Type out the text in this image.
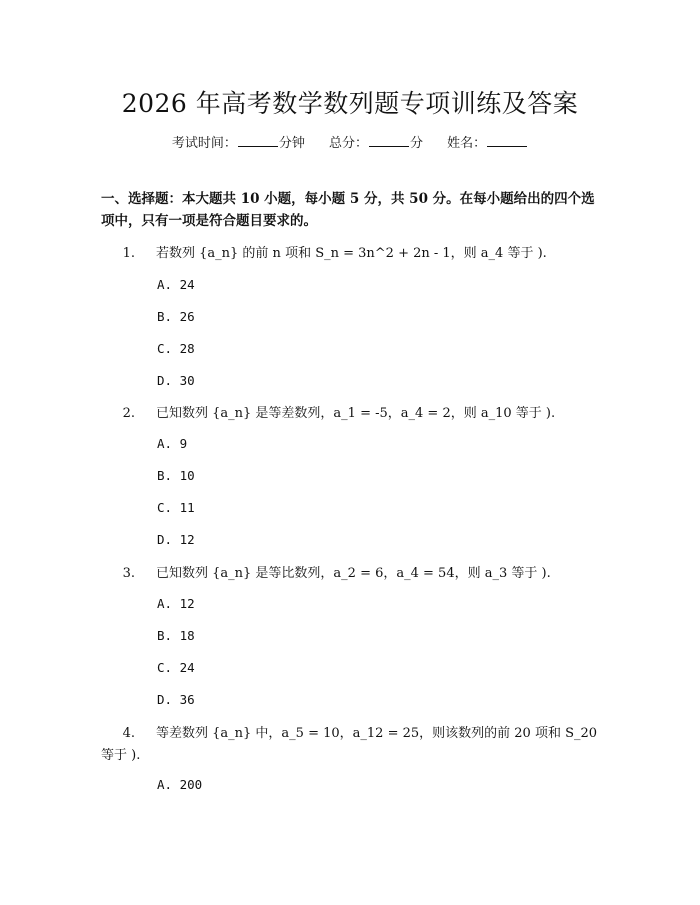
2026 年高考数学数列题专项训练及答案
考试时间：	分钟 总分：	分 姓名：
一、选择题：本大题共 10 小题，每小题 5 分，共 50 分。在每小题给出的四个选项中，只有一项是符合题目要求的。
1. 若数列 {a_n} 的前 n 项和 S_n = 3n^2 + 2n - 1，则 a_4 等于 ).
A. 24
B. 26
C. 28
D. 30
2. 已知数列 {a_n} 是等差数列，a_1 = -5，a_4 = 2，则 a_10 等于 ).
A. 9
B. 10
C. 11
D. 12
3. 已知数列 {a_n} 是等比数列，a_2 = 6，a_4 = 54，则 a_3 等于 ).
A. 12
B. 18
C. 24
D. 36
4. 等差数列 {a_n} 中，a_5 = 10，a_12 = 25，则该数列的前 20 项和 S_20 等于 ).
A. 200
